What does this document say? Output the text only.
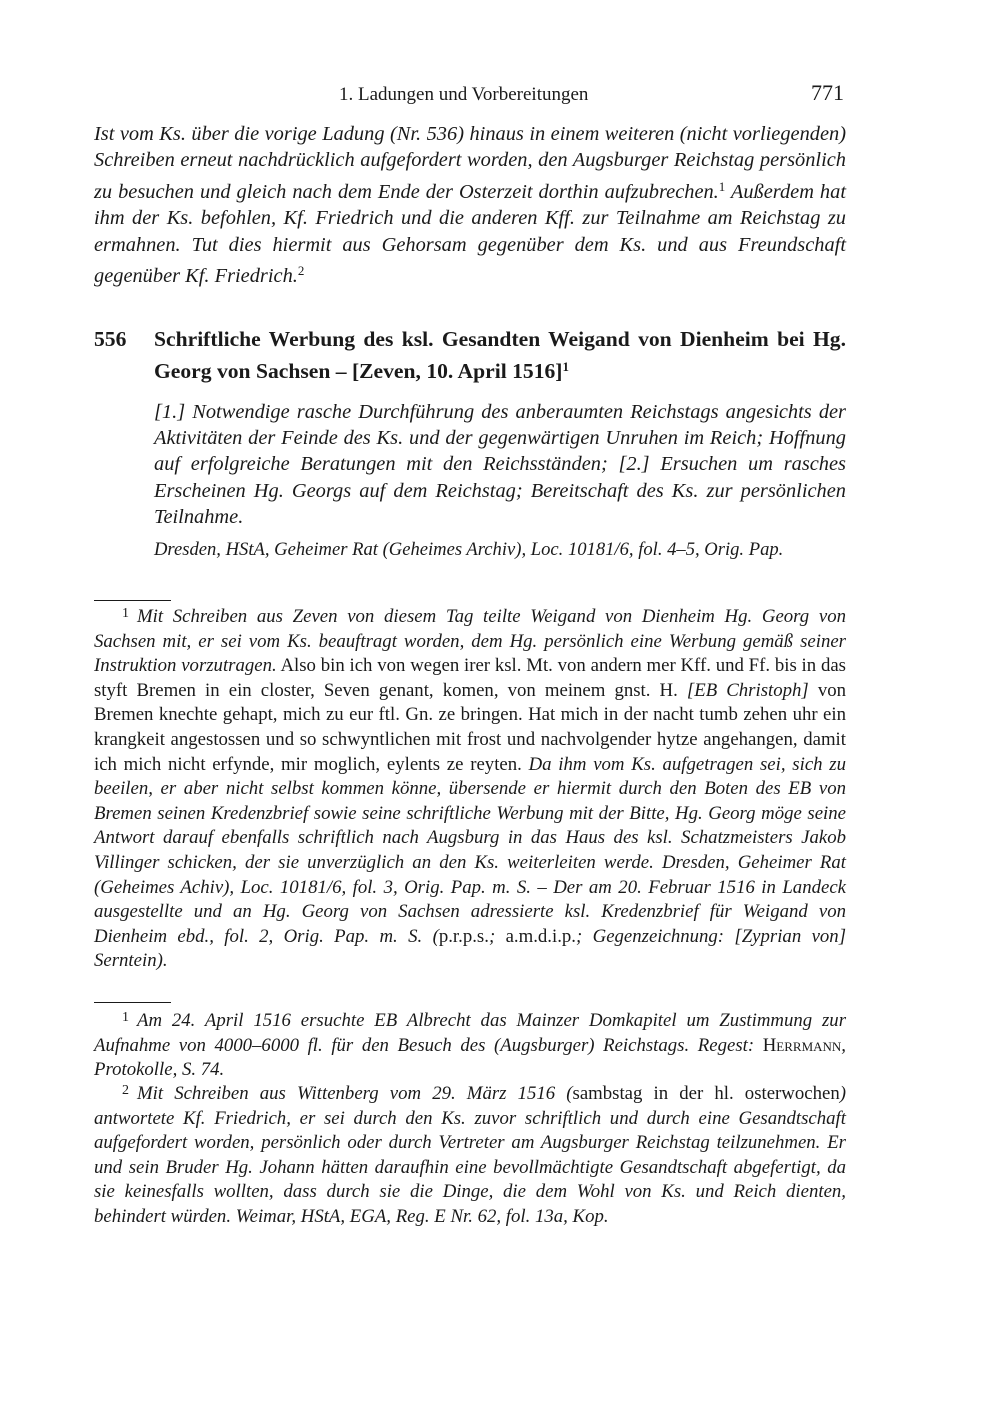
1. Ladungen und Vorbereitungen	771
Ist vom Ks. über die vorige Ladung (Nr. 536) hinaus in einem weiteren (nicht vorliegenden) Schreiben erneut nachdrücklich aufgefordert worden, den Augsburger Reichstag persönlich zu besuchen und gleich nach dem Ende der Osterzeit dorthin aufzubrechen.$^1$ Außerdem hat ihm der Ks. befohlen, Kf. Friedrich und die anderen Kff. zur Teilnahme am Reichstag zu ermahnen. Tut dies hiermit aus Gehorsam gegenüber dem Ks. und aus Freundschaft gegenüber Kf. Friedrich.$^2$
556 Schriftliche Werbung des ksl. Gesandten Weigand von Dienheim bei Hg. Georg von Sachsen – [Zeven, 10. April 1516]$^1$
[1.] Notwendige rasche Durchführung des anberaumten Reichstags angesichts der Aktivitäten der Feinde des Ks. und der gegenwärtigen Unruhen im Reich; Hoffnung auf erfolgreiche Beratungen mit den Reichsständen; [2.] Ersuchen um rasches Erscheinen Hg. Georgs auf dem Reichstag; Bereitschaft des Ks. zur persönlichen Teilnahme.
Dresden, HStA, Geheimer Rat (Geheimes Archiv), Loc. 10181/6, fol. 4–5, Orig. Pap.
$^1$ Mit Schreiben aus Zeven von diesem Tag teilte Weigand von Dienheim Hg. Georg von Sachsen mit, er sei vom Ks. beauftragt worden, dem Hg. persönlich eine Werbung gemäß seiner Instruktion vorzutragen. Also bin ich von wegen irer ksl. Mt. von andern mer Kff. und Ff. bis in das styft Bremen in ein closter, Seven genant, komen, von meinem gnst. H. [EB Christoph] von Bremen knechte gehapt, mich zu eur ftl. Gn. ze bringen. Hat mich in der nacht tumb zehen uhr ein krangkeit angestossen und so schwyntlichen mit frost und nachvolgender hytze angehangen, damit ich mich nicht erfynde, mir moglich, eylents ze reyten. Da ihm vom Ks. aufgetragen sei, sich zu beeilen, er aber nicht selbst kommen könne, übersende er hiermit durch den Boten des EB von Bremen seinen Kredenzbrief sowie seine schriftliche Werbung mit der Bitte, Hg. Georg möge seine Antwort darauf ebenfalls schriftlich nach Augsburg in das Haus des ksl. Schatzmeisters Jakob Villinger schicken, der sie unverzüglich an den Ks. weiterleiten werde. Dresden, Geheimer Rat (Geheimes Achiv), Loc. 10181/6, fol. 3, Orig. Pap. m. S. – Der am 20. Februar 1516 in Landeck ausgestellte und an Hg. Georg von Sachsen adressierte ksl. Kredenzbrief für Weigand von Dienheim ebd., fol. 2, Orig. Pap. m. S. (p.r.p.s.; a.m.d.i.p.; Gegenzeichnung: [Zyprian von] Serntein).
$^1$ Am 24. April 1516 ersuchte EB Albrecht das Mainzer Domkapitel um Zustimmung zur Aufnahme von 4000–6000 fl. für den Besuch des (Augsburger) Reichstags. Regest: Herrmann, Protokolle, S. 74.
$^2$ Mit Schreiben aus Wittenberg vom 29. März 1516 (sambstag in der hl. osterwochen) antwortete Kf. Friedrich, er sei durch den Ks. zuvor schriftlich und durch eine Gesandtschaft aufgefordert worden, persönlich oder durch Vertreter am Augsburger Reichstag teilzunehmen. Er und sein Bruder Hg. Johann hätten daraufhin eine bevollmächtigte Gesandtschaft abgefertigt, da sie keinesfalls wollten, dass durch sie die Dinge, die dem Wohl von Ks. und Reich dienten, behindert würden. Weimar, HStA, EGA, Reg. E Nr. 62, fol. 13a, Kop.
